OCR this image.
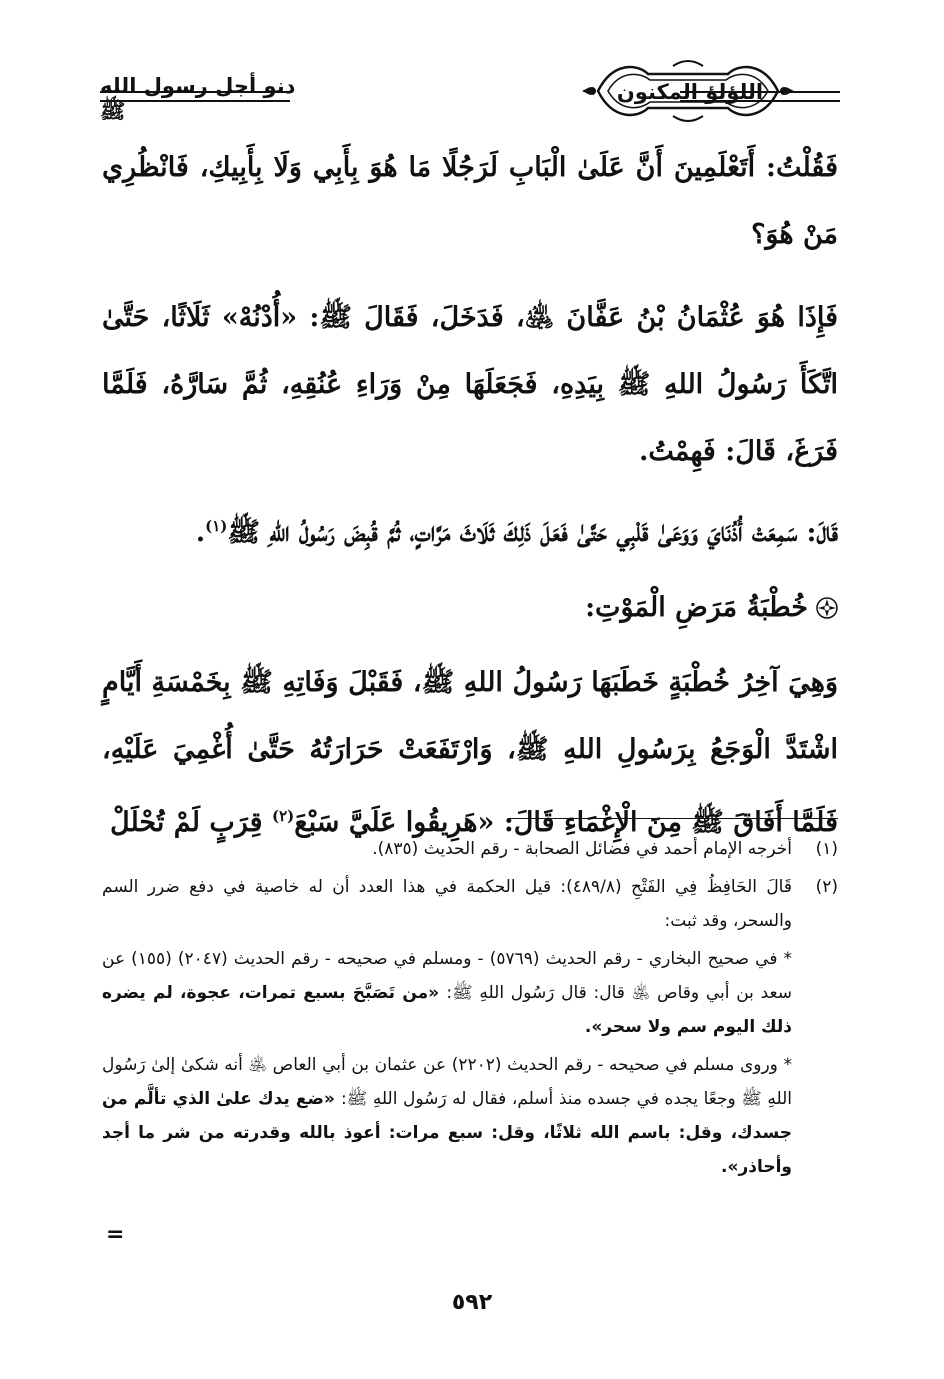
دنو أجل رسول الله ﷺ
اللؤلؤ المكنون

فَقُلْتُ: أَتَعْلَمِينَ أَنَّ عَلَىٰ الْبَابِ لَرَجُلًا مَا هُوَ بِأَبِي وَلَا بِأَبِيكِ، فَانْظُرِي مَنْ هُوَ؟

فَإِذَا هُوَ عُثْمَانُ بْنُ عَفَّانَ ﵁، فَدَخَلَ، فَقَالَ ﷺ: «أُدْنُهْ» ثَلَاثًا، حَتَّىٰ اتَّكَأَ رَسُولُ اللهِ ﷺ بِيَدِهِ، فَجَعَلَهَا مِنْ وَرَاءِ عُنُقِهِ، ثُمَّ سَارَّهُ، فَلَمَّا فَرَغَ، قَالَ: فَهِمْتُ.

قَالَ: سَمِعَتْ أُذُنَايَ وَوَعَىٰ قَلْبِي حَتَّىٰ فَعَلَ ذَلِكَ ثَلَاثَ مَرَّاتٍ، ثُمَّ قُبِضَ رَسُولُ اللهِ ﷺ$^{(١)}$.

خُطْبَةُ مَرَضِ الْمَوْتِ:

وَهِيَ آخِرُ خُطْبَةٍ خَطَبَهَا رَسُولُ اللهِ ﷺ، فَقَبْلَ وَفَاتِهِ ﷺ بِخَمْسَةِ أَيَّامٍ اشْتَدَّ الْوَجَعُ بِرَسُولِ اللهِ ﷺ، وَارْتَفَعَتْ حَرَارَتُهُ حَتَّىٰ أُغْمِيَ عَلَيْهِ، فَلَمَّا أَفَاقَ ﷺ مِنَ الْإِغْمَاءِ قَالَ: «هَرِيقُوا عَلَيَّ سَبْعَ$^{(٢)}$ قِرَبٍ لَمْ تُحْلَلْ

(١)
أخرجه الإمام أحمد في فضائل الصحابة - رقم الحديث (٨٣٥).
(٢)
قَالَ الحَافِظُ فِي الفَتْحِ (٤٨٩/٨): قيل الحكمة في هذا العدد أن له خاصية في دفع ضرر السم والسحر، وقد ثبت:
* في صحيح البخاري - رقم الحديث (٥٧٦٩) - ومسلم في صحيحه - رقم الحديث (٢٠٤٧) (١٥٥) عن سعد بن أبي وقاص ﵁ قال: قال رَسُول اللهِ ﷺ: «من تَصَبَّحَ بسبع تمرات، عجوة، لم يضره ذلك اليوم سم ولا سحر».
* وروى مسلم في صحيحه - رقم الحديث (٢٢٠٢) عن عثمان بن أبي العاص ﵁ أنه شكىٰ إلىٰ رَسُول اللهِ ﷺ وجعًا يجده في جسده منذ أسلم، فقال له رَسُول اللهِ ﷺ: «ضع يدك علىٰ الذي تألَّم من جسدك، وقل: باسم الله ثلاثًا، وقل: سبع مرات: أعوذ بالله وقدرته من شر ما أجد وأحاذر».
=
٥٩٢
